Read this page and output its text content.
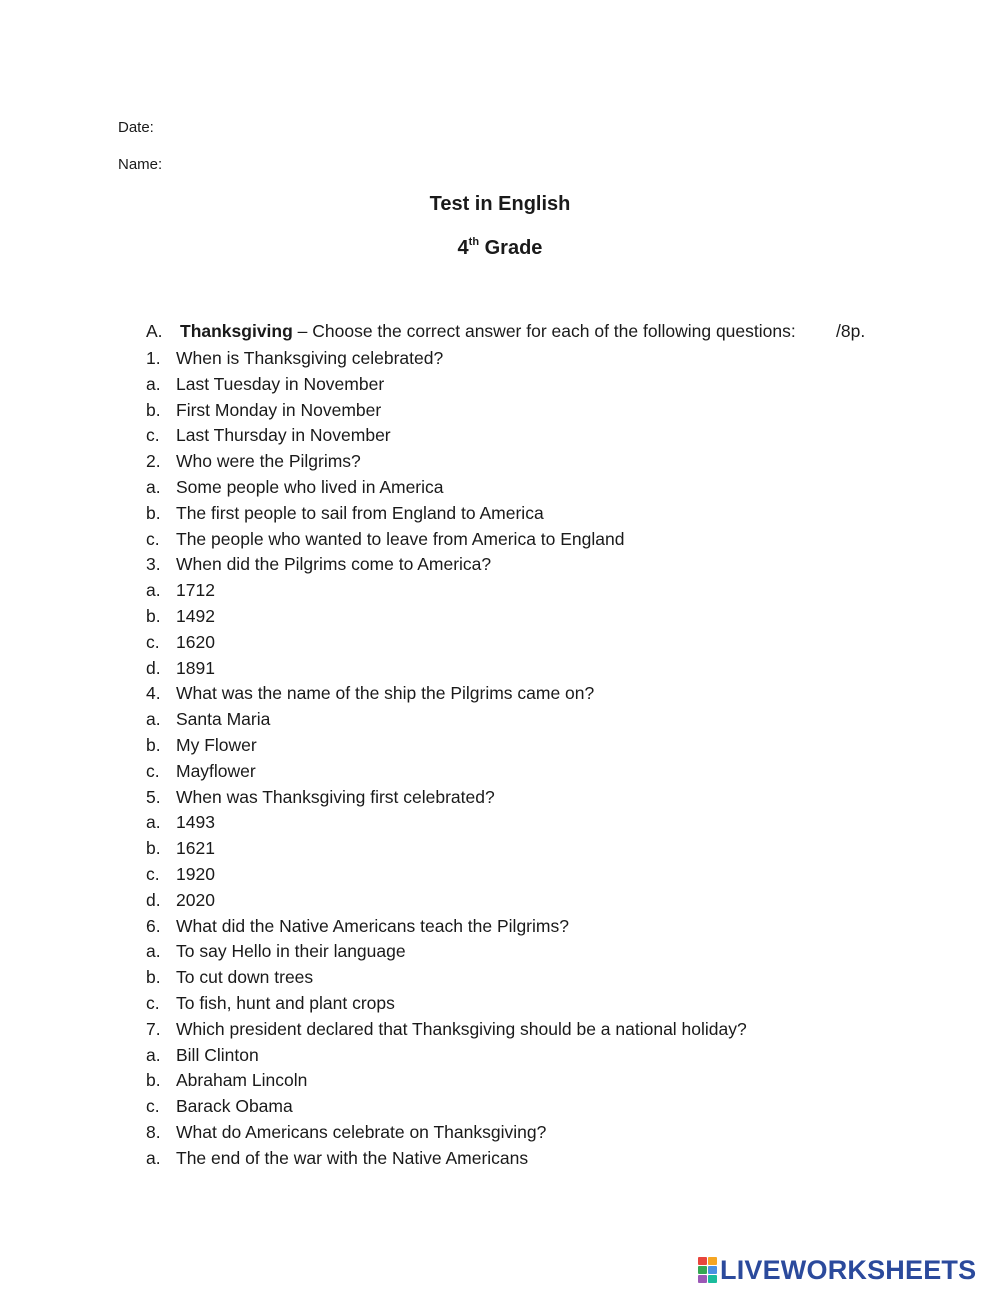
Date:
Name:
Test in English
4th Grade
A. Thanksgiving – Choose the correct answer for each of the following questions: /8p.
1. When is Thanksgiving celebrated?
a. Last Tuesday in November
b. First Monday in November
c. Last Thursday in November
2. Who were the Pilgrims?
a. Some people who lived in America
b. The first people to sail from England to America
c. The people who wanted to leave from America to England
3. When did the Pilgrims come to America?
a. 1712
b. 1492
c. 1620
d. 1891
4. What was the name of the ship the Pilgrims came on?
a. Santa Maria
b. My Flower
c. Mayflower
5. When was Thanksgiving first celebrated?
a. 1493
b. 1621
c. 1920
d. 2020
6. What did the Native Americans teach the Pilgrims?
a. To say Hello in their language
b. To cut down trees
c. To fish, hunt and plant crops
7. Which president declared that Thanksgiving should be a national holiday?
a. Bill Clinton
b. Abraham Lincoln
c. Barack Obama
8. What do Americans celebrate on Thanksgiving?
a. The end of the war with the Native Americans
LIVEWORKSHEETS
